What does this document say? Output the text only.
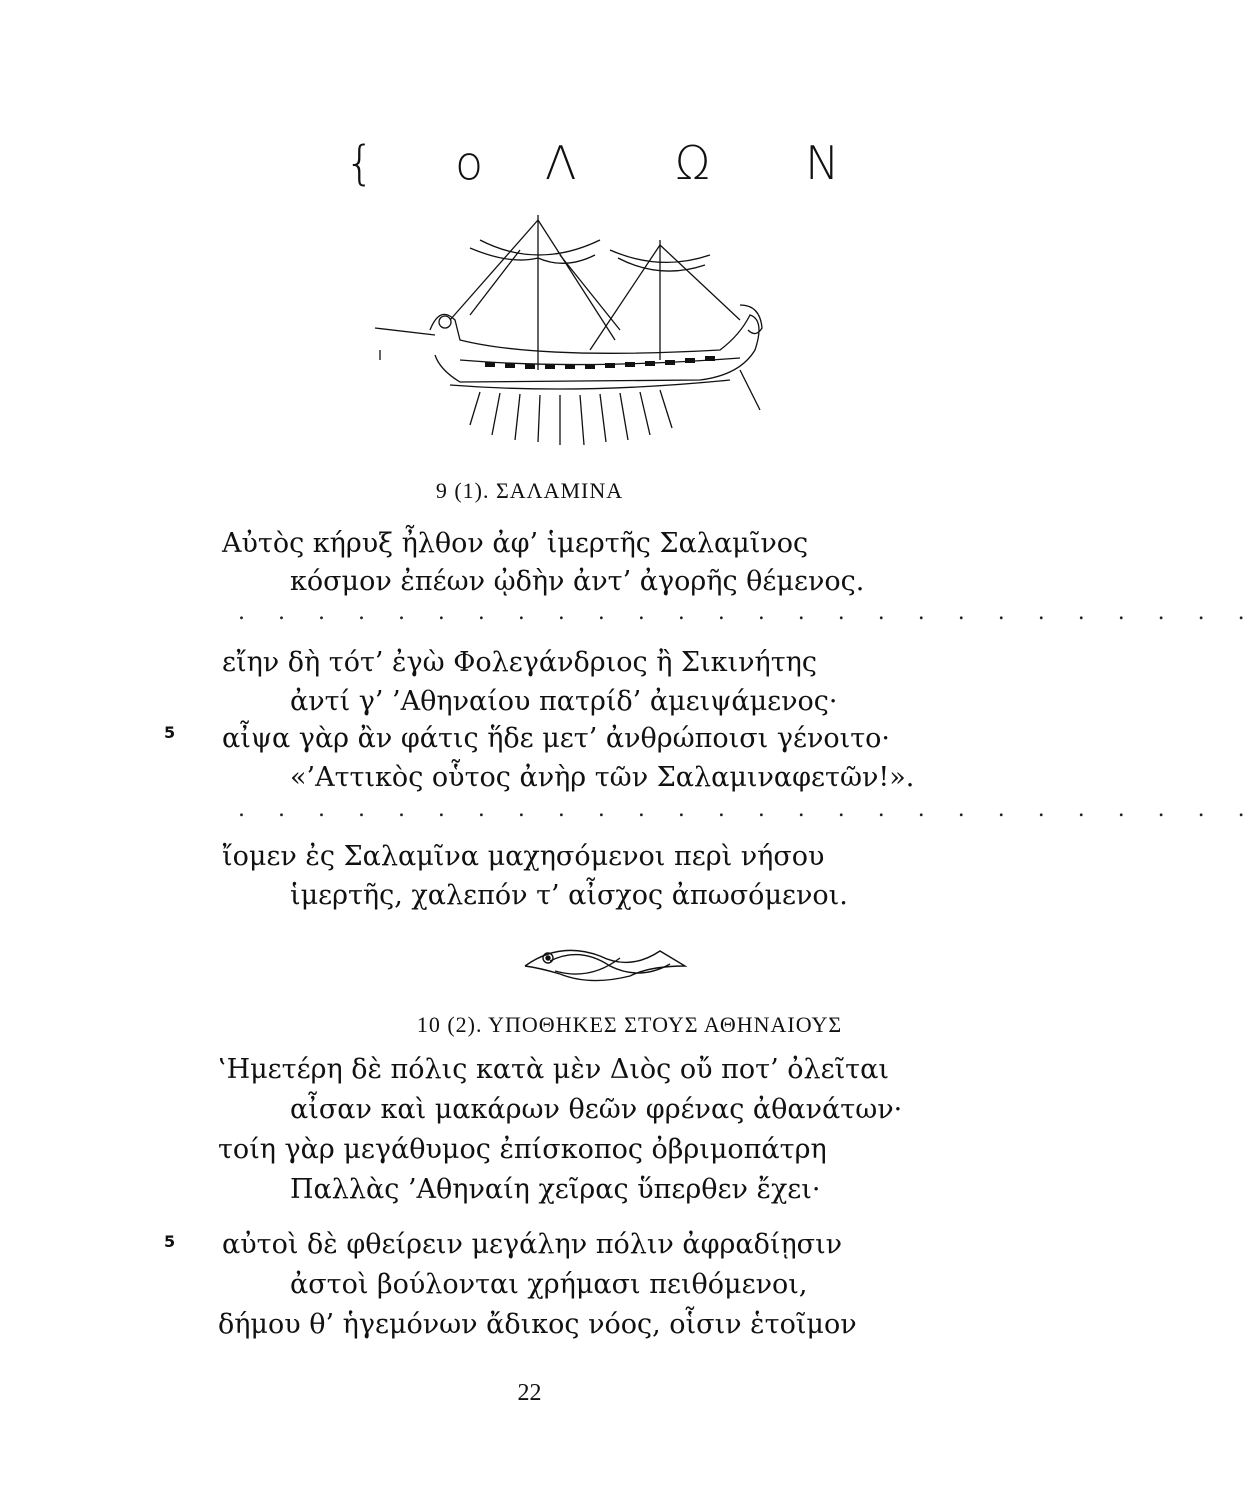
{ o Λ Ω N
9 (1). ΣΑΛΑΜΙΝΑ
Αὐτὸς κήρυξ ἦλθον ἀφ’ ἱμερτῆς Σαλαμῖνος
κόσμον ἐπέων ᾠδὴν ἀντ’ ἀγορῆς θέμενος.
. . . . . . . . . . . . . . . . . . . . . . . . . .
εἴην δὴ τότ’ ἐγὼ Φολεγάνδριος ἢ Σικινήτης
ἀντί γ’ ’Αθηναίου πατρίδ’ ἀμειψάμενος·
5 αἶψα γὰρ ἂν φάτις ἥδε μετ’ ἀνθρώποισι γένοιτο·
«’Αττικὸς οὗτος ἀνὴρ τῶν Σαλαμιναφετῶν!».
. . . . . . . . . . . . . . . . . . . . . . . . . .
ἴομεν ἐς Σαλαμῖνα μαχησόμενοι περὶ νήσου
ἱμερτῆς, χαλεπόν τ’ αἶσχος ἀπωσόμενοι.
10 (2). ΥΠΟΘΗΚΕΣ ΣΤΟΥΣ ΑΘΗΝΑΙΟΥΣ
‛Ημετέρη δὲ πόλις κατὰ μὲν Διὸς οὔ ποτ’ ὀλεῖται
αἶσαν καὶ μακάρων θεῶν φρένας ἀθανάτων·
τοίη γὰρ μεγάθυμος ἐπίσκοπος ὀβριμοπάτρη
Παλλὰς ’Αθηναίη χεῖρας ὕπερθεν ἔχει·
5 αὐτοὶ δὲ φθείρειν μεγάλην πόλιν ἀφραδίῃσιν
ἀστοὶ βούλονται χρήμασι πειθόμενοι,
δήμου θ’ ἡγεμόνων ἄδικος νόος, οἷσιν ἑτοῖμον
22
